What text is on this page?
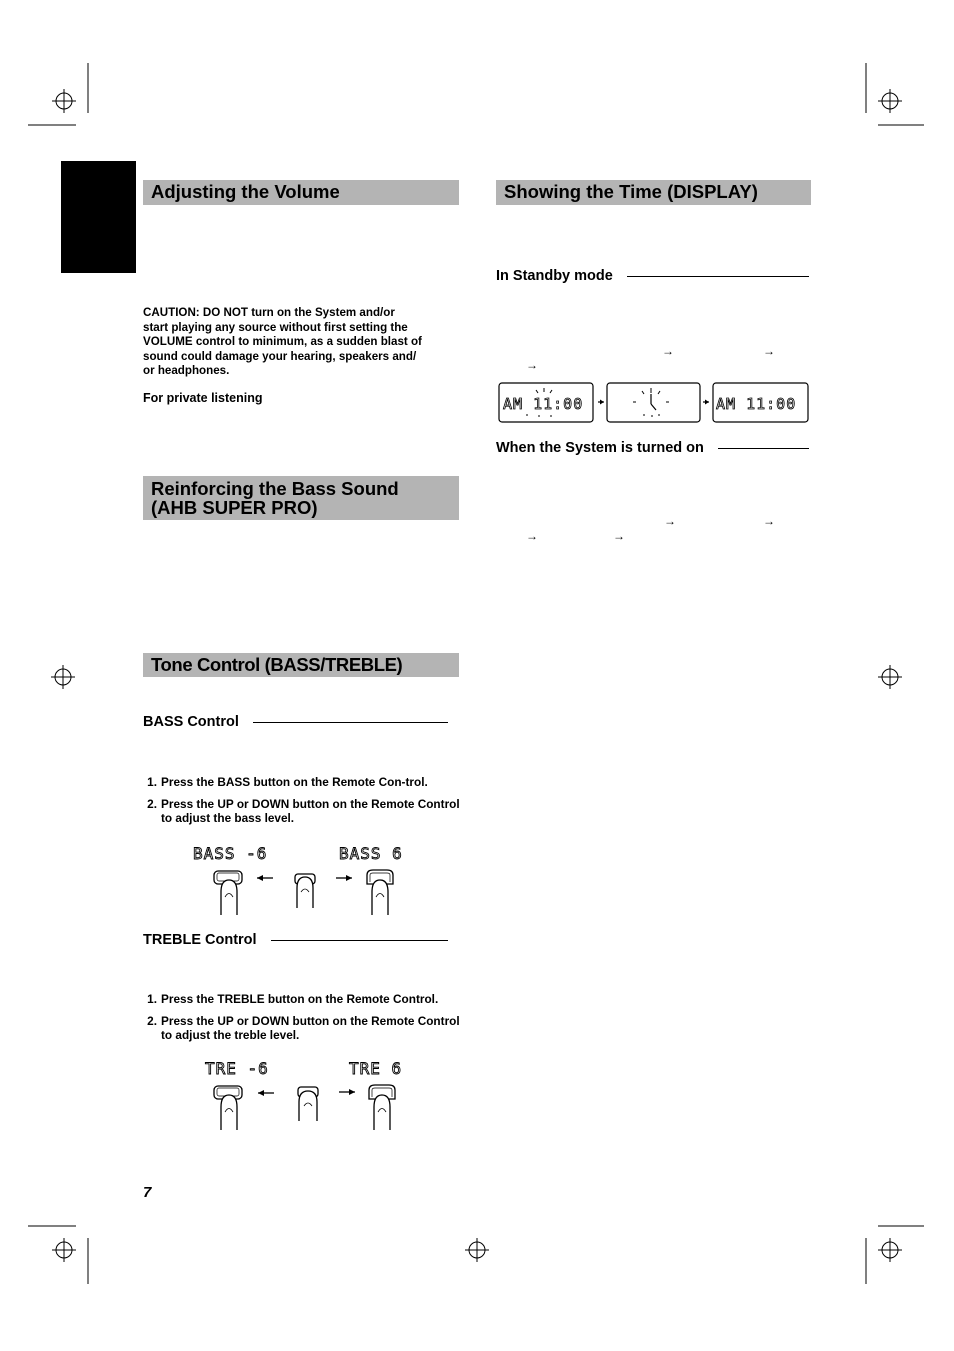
Adjusting the Volume
CAUTION: DO NOT turn on the System and/or
start playing any source without first setting the
VOLUME control to minimum, as a sudden blast of
sound could damage your hearing, speakers and/
or headphones.
For private listening
Reinforcing the Bass Sound
(AHB SUPER PRO)
Tone Control (BASS/TREBLE)
BASS Control
1. Press the BASS button on the Remote Con-trol.
2. Press the UP or DOWN button on the Remote Control to adjust the bass level.
BASS -6	BASS 6
TREBLE Control
1. Press the TREBLE button on the Remote Control.
2. Press the UP or DOWN button on the Remote Control to adjust the treble level.
TRE -6	TRE 6
Showing the Time (DISPLAY)
In Standby mode
→	→
→
AM 11:00	AM 11:00
When the System is turned on
→	→
→	→
7
